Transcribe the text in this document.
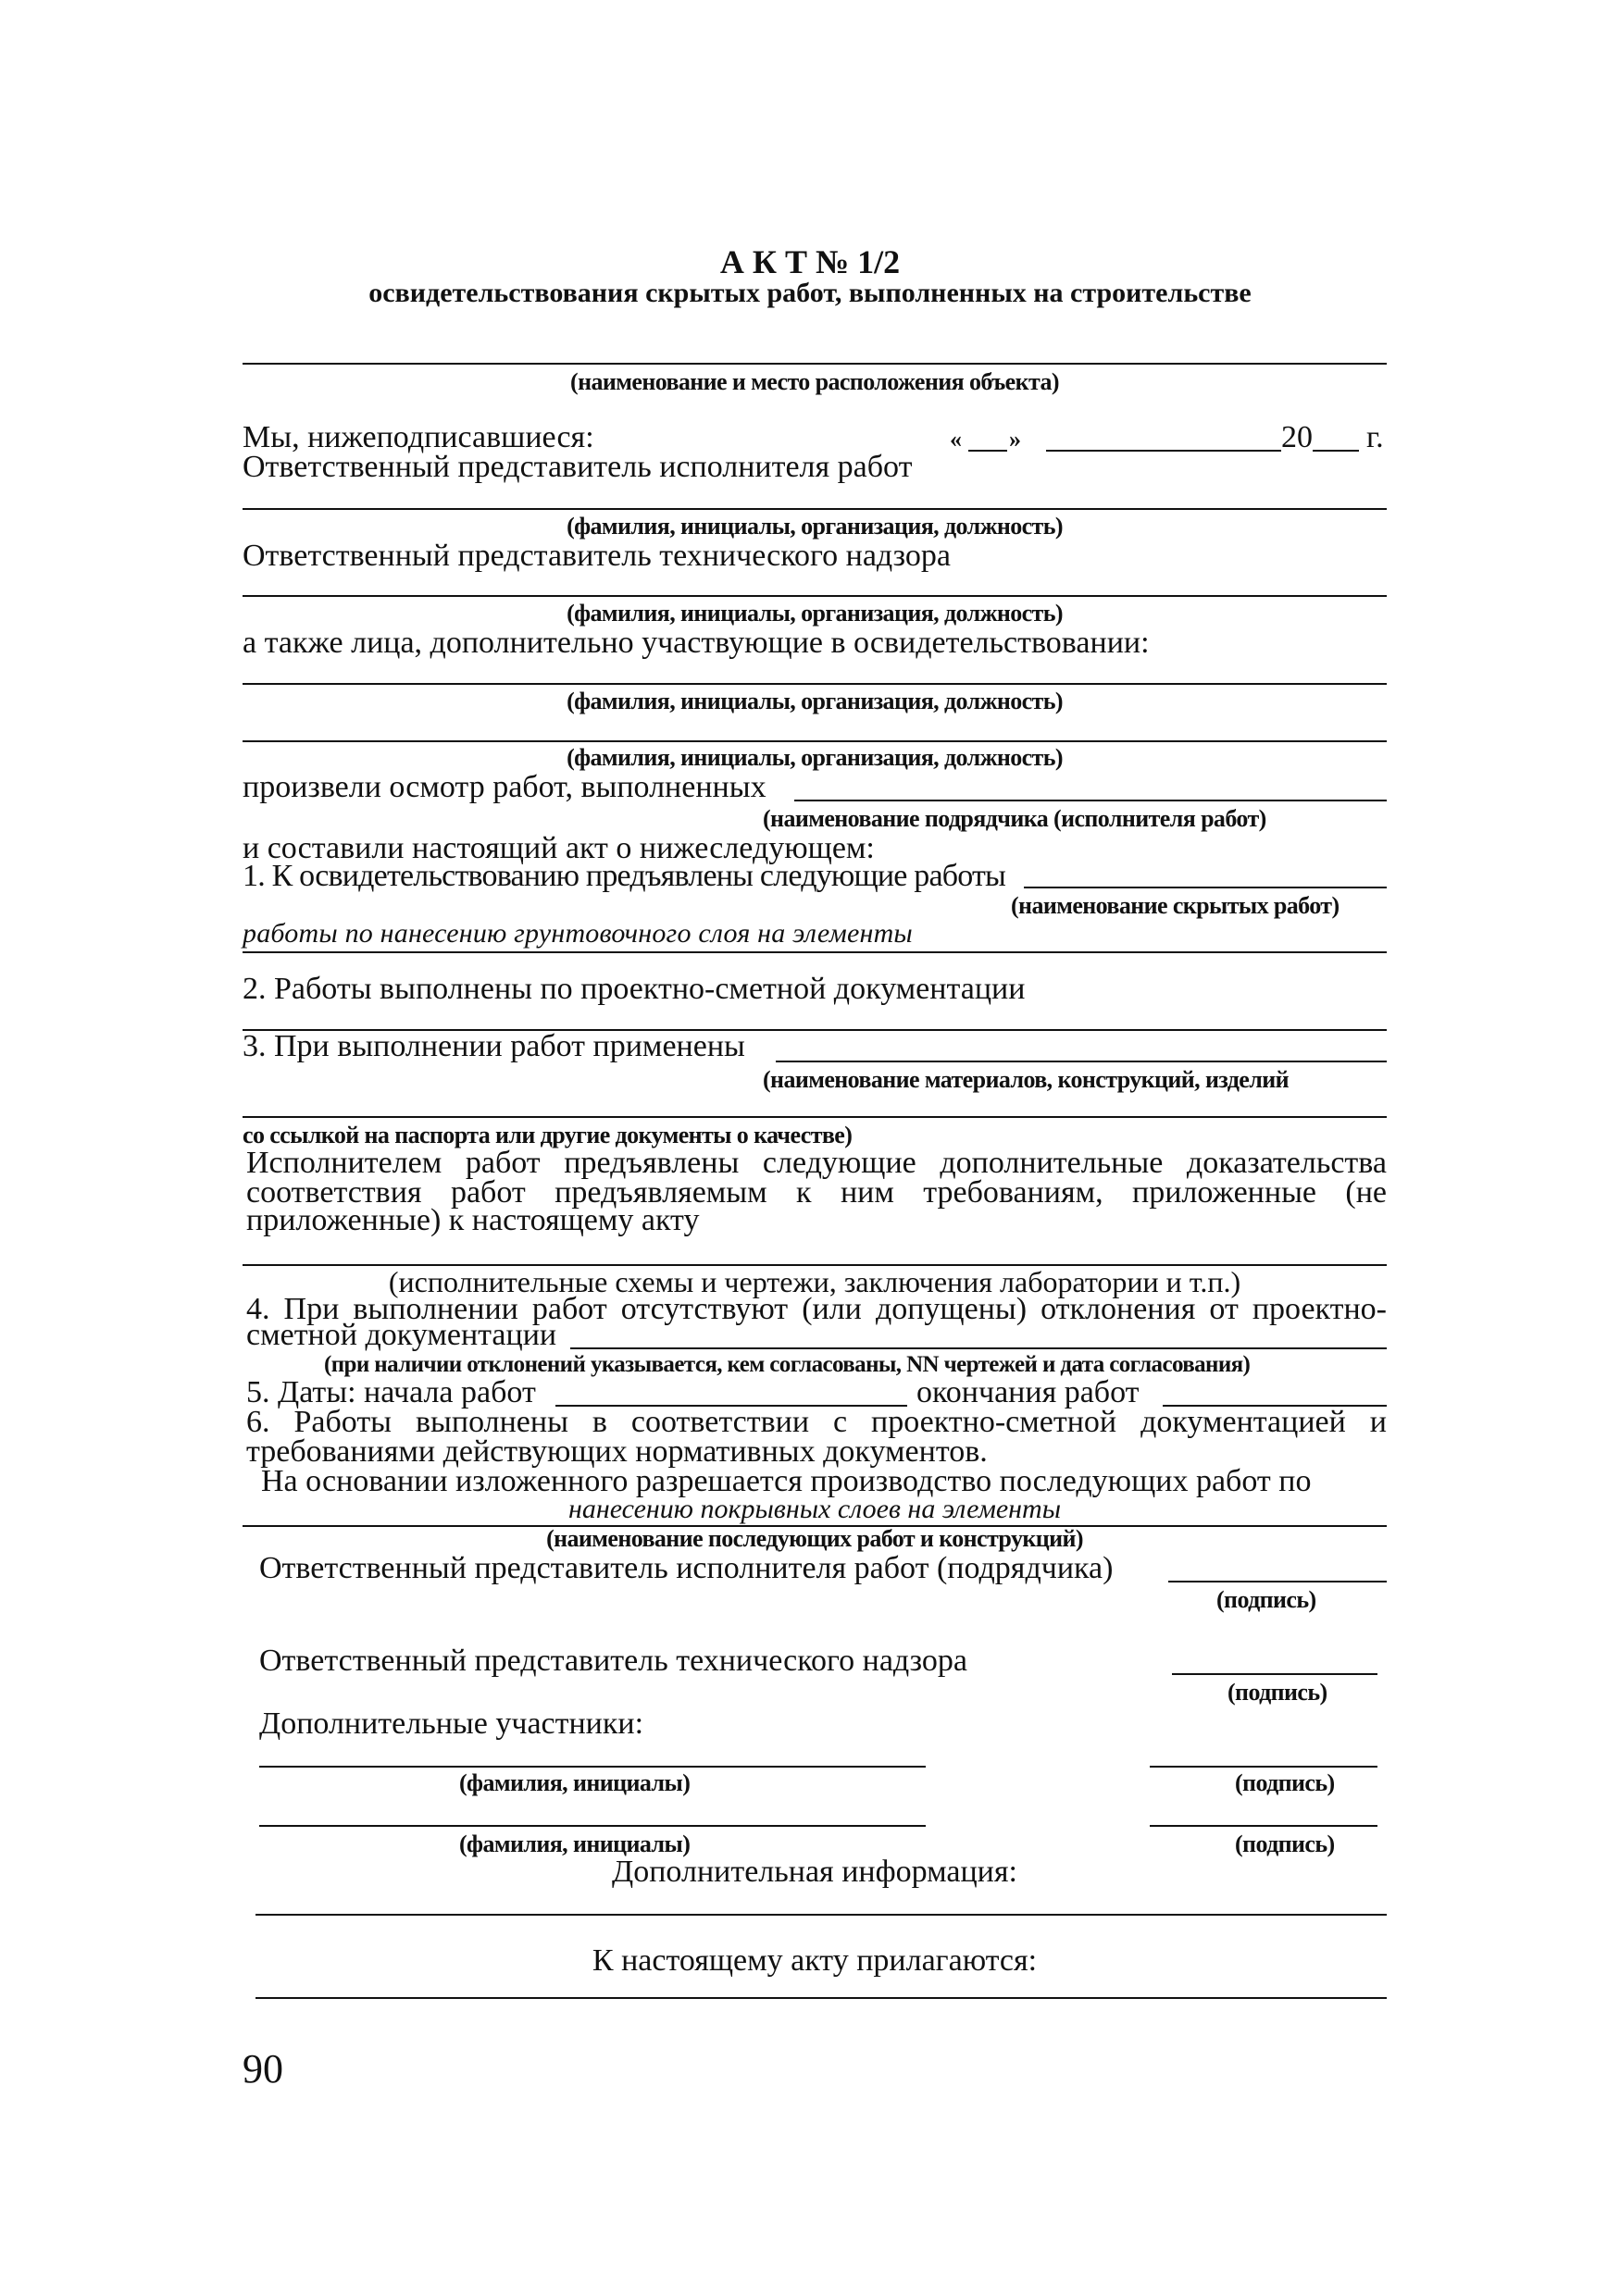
А К Т № 1/2
освидетельствования скрытых работ, выполненных на строительстве
(наименование и место расположения объекта)
Мы, нижеподписавшиеся:	« »	20 г.
Ответственный представитель исполнителя работ
(фамилия, инициалы, организация, должность)
Ответственный представитель технического надзора
(фамилия, инициалы, организация, должность)
а также лица, дополнительно участвующие в освидетельствовании:
(фамилия, инициалы, организация, должность)
(фамилия, инициалы, организация, должность)
произвели осмотр работ, выполненных
(наименование подрядчика (исполнителя работ)
и составили настоящий акт о нижеследующем:
1. К освидетельствованию предъявлены следующие работы
(наименование скрытых работ)
работы по нанесению грунтовочного слоя на элементы
2. Работы выполнены по проектно-сметной документации
3. При выполнении работ применены
(наименование материалов, конструкций, изделий
со ссылкой на паспорта или другие документы о качестве)
Исполнителем работ предъявлены следующие дополнительные доказательства
соответствия работ предъявляемым к ним требованиям, приложенные (не
приложенные) к настоящему акту
(исполнительные схемы и чертежи, заключения лаборатории и т.п.)
4. При выполнении работ отсутствуют (или допущены) отклонения от проектно-
сметной документации
(при наличии отклонений указывается, кем согласованы, NN чертежей и дата согласования)
5. Даты: начала работ	окончания работ
6. Работы выполнены в соответствии с проектно-сметной документацией и
требованиями действующих нормативных документов.
На основании изложенного разрешается производство последующих работ по
нанесению покрывных слоев на элементы
(наименование последующих работ и конструкций)
Ответственный представитель исполнителя работ (подрядчика)
(подпись)
Ответственный представитель технического надзора
(подпись)
Дополнительные участники:
(фамилия, инициалы)	(подпись)
(фамилия, инициалы)	(подпись)
Дополнительная информация:
К настоящему акту прилагаются:
90
